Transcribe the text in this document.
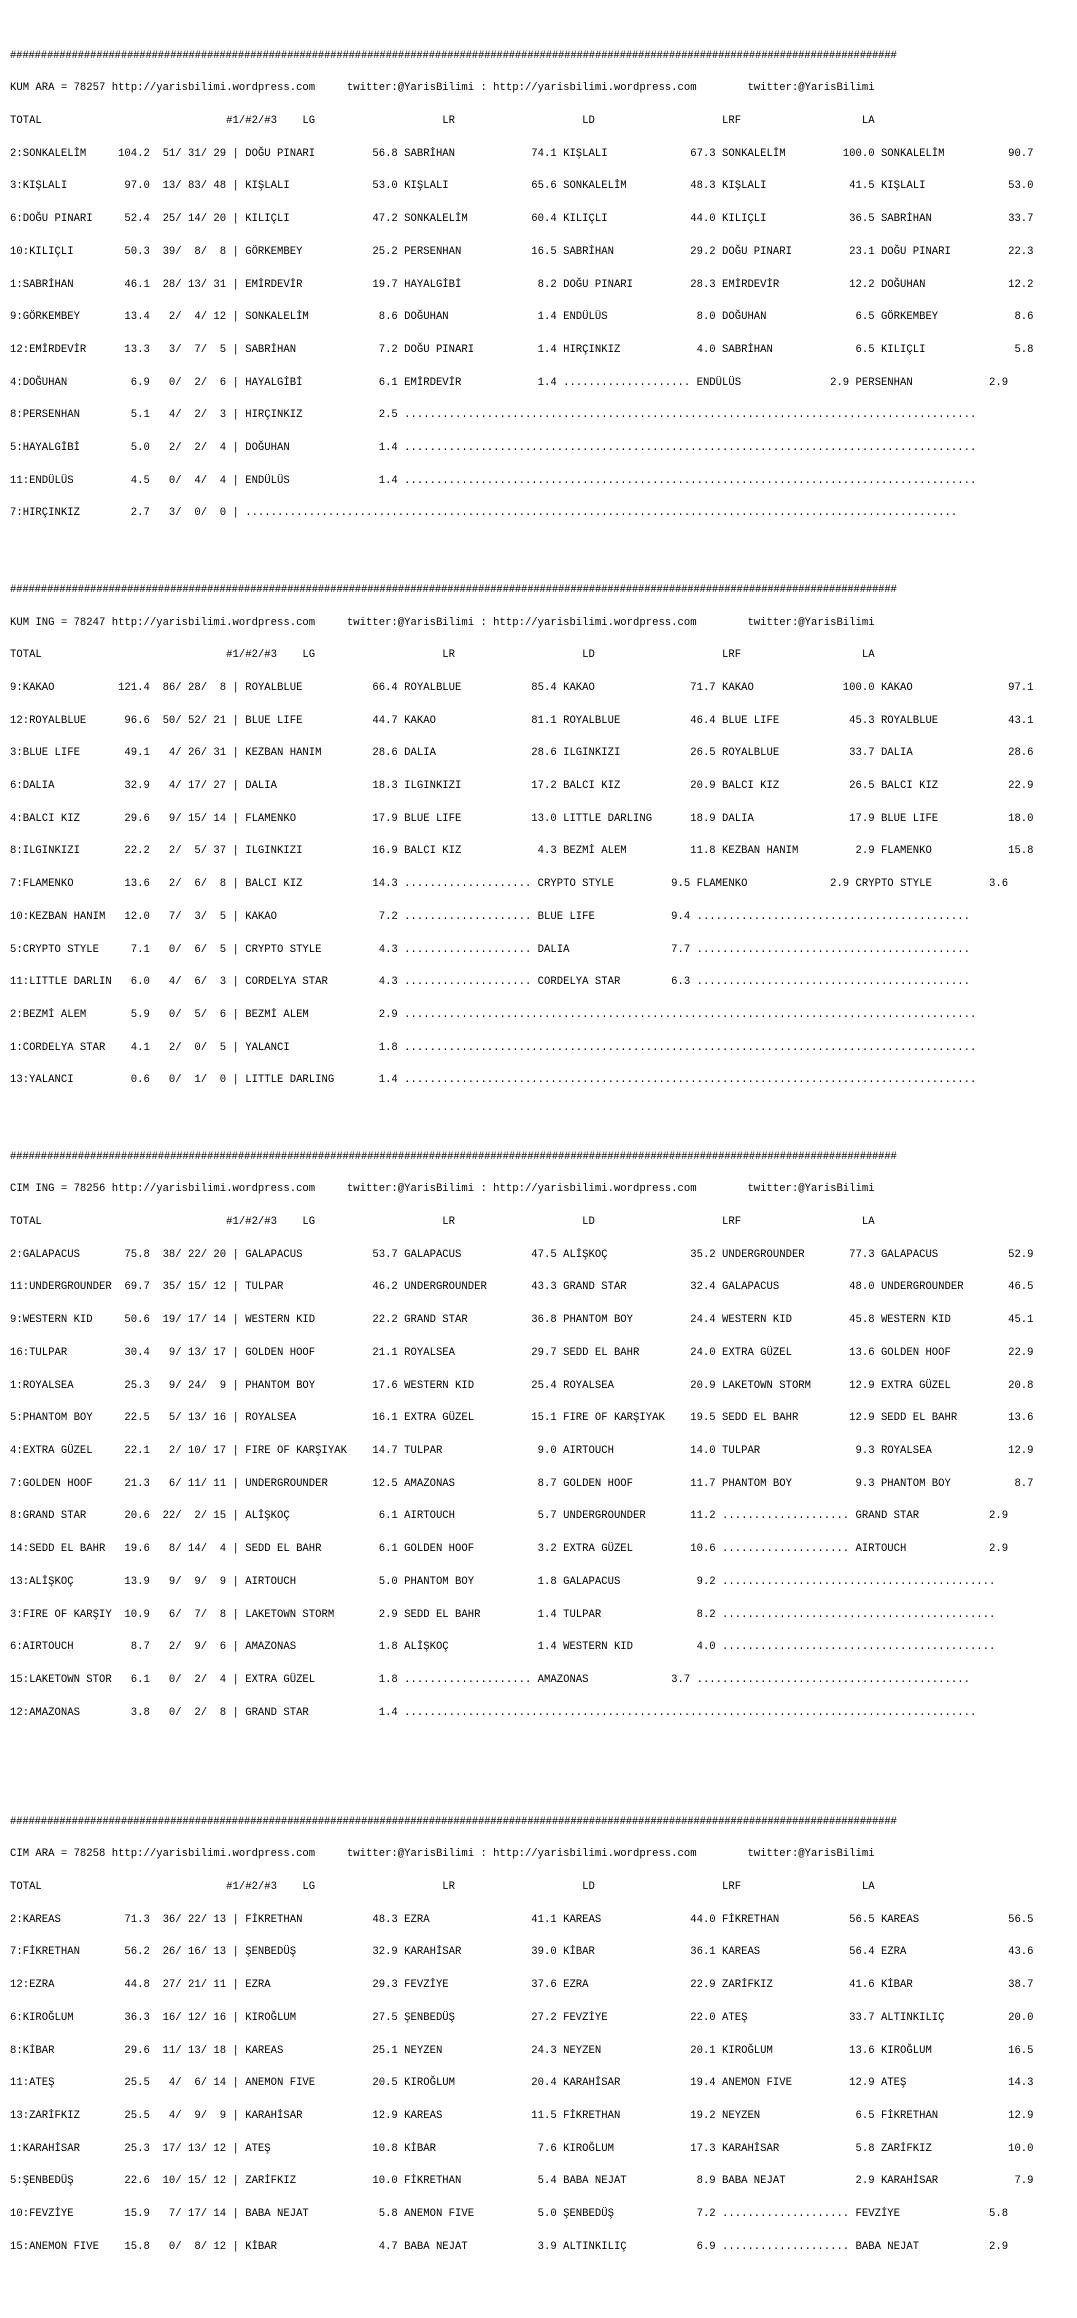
################################################################################################################################################

KUM ARA = 78257 http://yarisbilimi.wordpress.com     twitter:@YarisBilimi : http://yarisbilimi.wordpress.com        twitter:@YarisBilimi

TOTAL                             #1/#2/#3    LG                    LR                    LD                    LRF                   LA

2:SONKALELİM     104.2  51/ 31/ 29 | DOĞU PINARI         56.8 SABRİHAN            74.1 KIŞLALI             67.3 SONKALELİM         100.0 SONKALELİM          90.7

3:KIŞLALI         97.0  13/ 83/ 48 | KIŞLALI             53.0 KIŞLALI             65.6 SONKALELİM          48.3 KIŞLALI             41.5 KIŞLALI             53.0

6:DOĞU PINARI     52.4  25/ 14/ 20 | KILIÇLI             47.2 SONKALELİM          60.4 KILIÇLI             44.0 KILIÇLI             36.5 SABRİHAN            33.7

10:KILIÇLI        50.3  39/  8/  8 | GÖRKEMBEY           25.2 PERSENHAN           16.5 SABRİHAN            29.2 DOĞU PINARI         23.1 DOĞU PINARI         22.3

1:SABRİHAN        46.1  28/ 13/ 31 | EMİRDEVİR           19.7 HAYALGİBİ            8.2 DOĞU PINARI         28.3 EMİRDEVİR           12.2 DOĞUHAN             12.2

9:GÖRKEMBEY       13.4   2/  4/ 12 | SONKALELİM           8.6 DOĞUHAN              1.4 ENDÜLÜS              8.0 DOĞUHAN              6.5 GÖRKEMBEY            8.6

12:EMİRDEVİR      13.3   3/  7/  5 | SABRİHAN             7.2 DOĞU PINARI          1.4 HIRÇINKIZ            4.0 SABRİHAN             6.5 KILIÇLI              5.8

4:DOĞUHAN          6.9   0/  2/  6 | HAYALGİBİ            6.1 EMİRDEVİR            1.4 .................... ENDÜLÜS              2.9 PERSENHAN            2.9

8:PERSENHAN        5.1   4/  2/  3 | HIRÇINKIZ            2.5 ..........................................................................................

5:HAYALGİBİ        5.0   2/  2/  4 | DOĞUHAN              1.4 ..........................................................................................

11:ENDÜLÜS         4.5   0/  4/  4 | ENDÜLÜS              1.4 ..........................................................................................

7:HIRÇINKIZ        2.7   3/  0/  0 | ................................................................................................................

################################################################################################################################################

KUM ING = 78247 http://yarisbilimi.wordpress.com     twitter:@YarisBilimi : http://yarisbilimi.wordpress.com        twitter:@YarisBilimi

TOTAL                             #1/#2/#3    LG                    LR                    LD                    LRF                   LA

9:KAKAO          121.4  86/ 28/  8 | ROYALBLUE           66.4 ROYALBLUE           85.4 KAKAO               71.7 KAKAO              100.0 KAKAO               97.1

12:ROYALBLUE      96.6  50/ 52/ 21 | BLUE LIFE           44.7 KAKAO               81.1 ROYALBLUE           46.4 BLUE LIFE           45.3 ROYALBLUE           43.1

3:BLUE LIFE       49.1   4/ 26/ 31 | KEZBAN HANIM        28.6 DALIA               28.6 ILGINKIZI           26.5 ROYALBLUE           33.7 DALIA               28.6

6:DALIA           32.9   4/ 17/ 27 | DALIA               18.3 ILGINKIZI           17.2 BALCI KIZ           20.9 BALCI KIZ           26.5 BALCI KIZ           22.9

4:BALCI KIZ       29.6   9/ 15/ 14 | FLAMENKO            17.9 BLUE LIFE           13.0 LITTLE DARLING      18.9 DALIA               17.9 BLUE LIFE           18.0

8:ILGINKIZI       22.2   2/  5/ 37 | ILGINKIZI           16.9 BALCI KIZ            4.3 BEZMİ ALEM          11.8 KEZBAN HANIM         2.9 FLAMENKO            15.8

7:FLAMENKO        13.6   2/  6/  8 | BALCI KIZ           14.3 .................... CRYPTO STYLE         9.5 FLAMENKO             2.9 CRYPTO STYLE         3.6

10:KEZBAN HANIM   12.0   7/  3/  5 | KAKAO                7.2 .................... BLUE LIFE            9.4 ...........................................

5:CRYPTO STYLE     7.1   0/  6/  5 | CRYPTO STYLE         4.3 .................... DALIA                7.7 ...........................................

11:LITTLE DARLIN   6.0   4/  6/  3 | CORDELYA STAR        4.3 .................... CORDELYA STAR        6.3 ...........................................

2:BEZMİ ALEM       5.9   0/  5/  6 | BEZMİ ALEM           2.9 ..........................................................................................

1:CORDELYA STAR    4.1   2/  0/  5 | YALANCI              1.8 ..........................................................................................

13:YALANCI         0.6   0/  1/  0 | LITTLE DARLING       1.4 ..........................................................................................

################################################################################################################################################

CIM ING = 78256 http://yarisbilimi.wordpress.com     twitter:@YarisBilimi : http://yarisbilimi.wordpress.com        twitter:@YarisBilimi

TOTAL                             #1/#2/#3    LG                    LR                    LD                    LRF                   LA

2:GALAPACUS       75.8  38/ 22/ 20 | GALAPACUS           53.7 GALAPACUS           47.5 ALİŞKOÇ             35.2 UNDERGROUNDER       77.3 GALAPACUS           52.9

11:UNDERGROUNDER  69.7  35/ 15/ 12 | TULPAR              46.2 UNDERGROUNDER       43.3 GRAND STAR          32.4 GALAPACUS           48.0 UNDERGROUNDER       46.5

9:WESTERN KID     50.6  19/ 17/ 14 | WESTERN KID         22.2 GRAND STAR          36.8 PHANTOM BOY         24.4 WESTERN KID         45.8 WESTERN KID         45.1

16:TULPAR         30.4   9/ 13/ 17 | GOLDEN HOOF         21.1 ROYALSEA            29.7 SEDD EL BAHR        24.0 EXTRA GÜZEL         13.6 GOLDEN HOOF         22.9

1:ROYALSEA        25.3   9/ 24/  9 | PHANTOM BOY         17.6 WESTERN KID         25.4 ROYALSEA            20.9 LAKETOWN STORM      12.9 EXTRA GÜZEL         20.8

5:PHANTOM BOY     22.5   5/ 13/ 16 | ROYALSEA            16.1 EXTRA GÜZEL         15.1 FIRE OF KARŞIYAK    19.5 SEDD EL BAHR        12.9 SEDD EL BAHR        13.6

4:EXTRA GÜZEL     22.1   2/ 10/ 17 | FIRE OF KARŞIYAK    14.7 TULPAR               9.0 AIRTOUCH            14.0 TULPAR               9.3 ROYALSEA            12.9

7:GOLDEN HOOF     21.3   6/ 11/ 11 | UNDERGROUNDER       12.5 AMAZONAS             8.7 GOLDEN HOOF         11.7 PHANTOM BOY          9.3 PHANTOM BOY          8.7

8:GRAND STAR      20.6  22/  2/ 15 | ALİŞKOÇ              6.1 AIRTOUCH             5.7 UNDERGROUNDER       11.2 .................... GRAND STAR           2.9

14:SEDD EL BAHR   19.6   8/ 14/  4 | SEDD EL BAHR         6.1 GOLDEN HOOF          3.2 EXTRA GÜZEL         10.6 .................... AIRTOUCH             2.9

13:ALİŞKOÇ        13.9   9/  9/  9 | AIRTOUCH             5.0 PHANTOM BOY          1.8 GALAPACUS            9.2 ...........................................

3:FIRE OF KARŞIY  10.9   6/  7/  8 | LAKETOWN STORM       2.9 SEDD EL BAHR         1.4 TULPAR               8.2 ...........................................

6:AIRTOUCH         8.7   2/  9/  6 | AMAZONAS             1.8 ALİŞKOÇ              1.4 WESTERN KID          4.0 ...........................................

15:LAKETOWN STOR   6.1   0/  2/  4 | EXTRA GÜZEL          1.8 .................... AMAZONAS             3.7 ...........................................

12:AMAZONAS        3.8   0/  2/  8 | GRAND STAR           1.4 ..........................................................................................

################################################################################################################################################

CIM ARA = 78258 http://yarisbilimi.wordpress.com     twitter:@YarisBilimi : http://yarisbilimi.wordpress.com        twitter:@YarisBilimi

TOTAL                             #1/#2/#3    LG                    LR                    LD                    LRF                   LA

2:KAREAS          71.3  36/ 22/ 13 | FİKRETHAN           48.3 EZRA                41.1 KAREAS              44.0 FİKRETHAN           56.5 KAREAS              56.5

7:FİKRETHAN       56.2  26/ 16/ 13 | ŞENBEDÜŞ            32.9 KARAHİSAR           39.0 KİBAR               36.1 KAREAS              56.4 EZRA                43.6

12:EZRA           44.8  27/ 21/ 11 | EZRA                29.3 FEVZİYE             37.6 EZRA                22.9 ZARİFKIZ            41.6 KİBAR               38.7

6:KIROĞLUM        36.3  16/ 12/ 16 | KIROĞLUM            27.5 ŞENBEDÜŞ            27.2 FEVZİYE             22.0 ATEŞ                33.7 ALTINKILIÇ          20.0

8:KİBAR           29.6  11/ 13/ 18 | KAREAS              25.1 NEYZEN              24.3 NEYZEN              20.1 KIROĞLUM            13.6 KIROĞLUM            16.5

11:ATEŞ           25.5   4/  6/ 14 | ANEMON FIVE         20.5 KIROĞLUM            20.4 KARAHİSAR           19.4 ANEMON FIVE         12.9 ATEŞ                14.3

13:ZARİFKIZ       25.5   4/  9/  9 | KARAHİSAR           12.9 KAREAS              11.5 FİKRETHAN           19.2 NEYZEN               6.5 FİKRETHAN           12.9

1:KARAHİSAR       25.3  17/ 13/ 12 | ATEŞ                10.8 KİBAR                7.6 KIROĞLUM            17.3 KARAHİSAR            5.8 ZARİFKIZ            10.0

5:ŞENBEDÜŞ        22.6  10/ 15/ 12 | ZARİFKIZ            10.0 FİKRETHAN            5.4 BABA NEJAT           8.9 BABA NEJAT           2.9 KARAHİSAR            7.9

10:FEVZİYE        15.9   7/ 17/ 14 | BABA NEJAT           5.8 ANEMON FIVE          5.0 ŞENBEDÜŞ             7.2 .................... FEVZİYE              5.8

15:ANEMON FIVE    15.8   0/  8/ 12 | KİBAR                4.7 BABA NEJAT           3.9 ALTINKILIÇ           6.9 .................... BABA NEJAT           2.9
